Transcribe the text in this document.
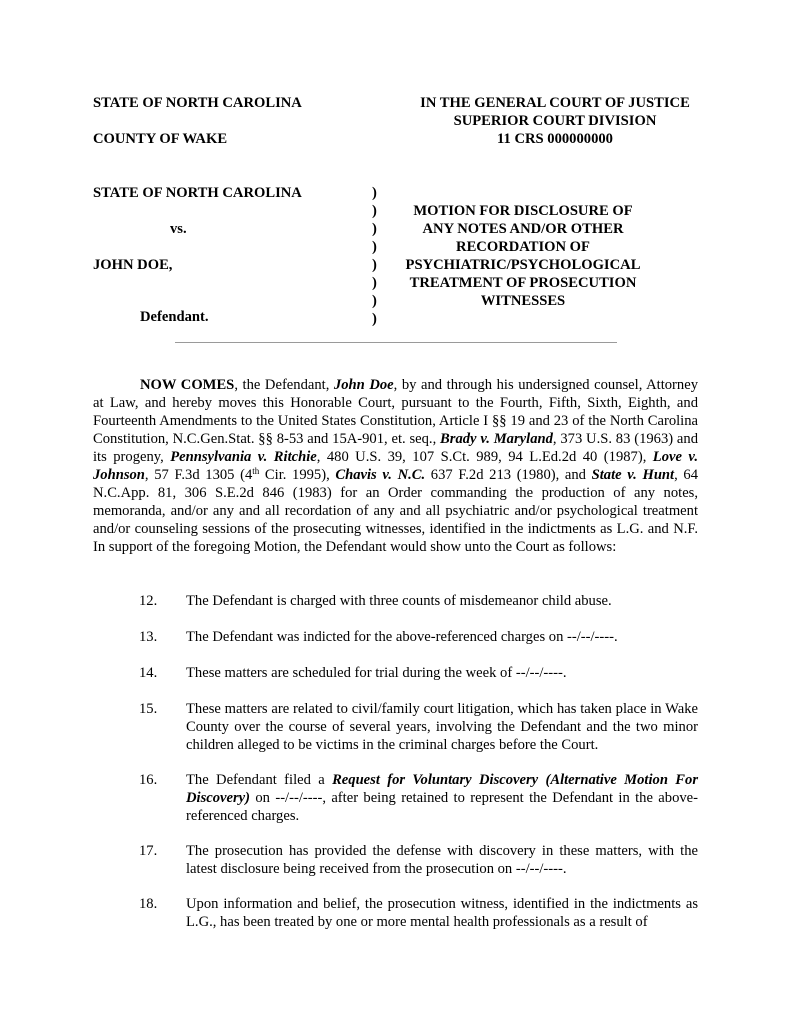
STATE OF NORTH CAROLINA
COUNTY OF WAKE
IN THE GENERAL COURT OF JUSTICE
SUPERIOR COURT DIVISION
11 CRS 000000000
STATE OF NORTH CAROLINA
vs.
JOHN DOE,
Defendant.
)
)
)
)
)
)
)
)
MOTION FOR DISCLOSURE OF
ANY NOTES AND/OR OTHER
RECORDATION OF
PSYCHIATRIC/PSYCHOLOGICAL
TREATMENT OF PROSECUTION
WITNESSES
NOW COMES, the Defendant, John Doe, by and through his undersigned counsel, Attorney at Law, and hereby moves this Honorable Court, pursuant to the Fourth, Fifth, Sixth, Eighth, and Fourteenth Amendments to the United States Constitution, Article I §§ 19 and 23 of the North Carolina Constitution, N.C.Gen.Stat. §§ 8-53 and 15A-901, et. seq., Brady v. Maryland, 373 U.S. 83 (1963) and its progeny, Pennsylvania v. Ritchie, 480 U.S. 39, 107 S.Ct. 989, 94 L.Ed.2d 40 (1987), Love v. Johnson, 57 F.3d 1305 (4th Cir. 1995), Chavis v. N.C. 637 F.2d 213 (1980), and State v. Hunt, 64 N.C.App. 81, 306 S.E.2d 846 (1983) for an Order commanding the production of any notes, memoranda, and/or any and all recordation of any and all psychiatric and/or psychological treatment and/or counseling sessions of the prosecuting witnesses, identified in the indictments as L.G. and N.F. In support of the foregoing Motion, the Defendant would show unto the Court as follows:
12. The Defendant is charged with three counts of misdemeanor child abuse.
13. The Defendant was indicted for the above-referenced charges on --/--/----.
14. These matters are scheduled for trial during the week of --/--/----.
15. These matters are related to civil/family court litigation, which has taken place in Wake County over the course of several years, involving the Defendant and the two minor children alleged to be victims in the criminal charges before the Court.
16. The Defendant filed a Request for Voluntary Discovery (Alternative Motion For Discovery) on --/--/----, after being retained to represent the Defendant in the above-referenced charges.
17. The prosecution has provided the defense with discovery in these matters, with the latest disclosure being received from the prosecution on --/--/----.
18. Upon information and belief, the prosecution witness, identified in the indictments as L.G., has been treated by one or more mental health professionals as a result of
